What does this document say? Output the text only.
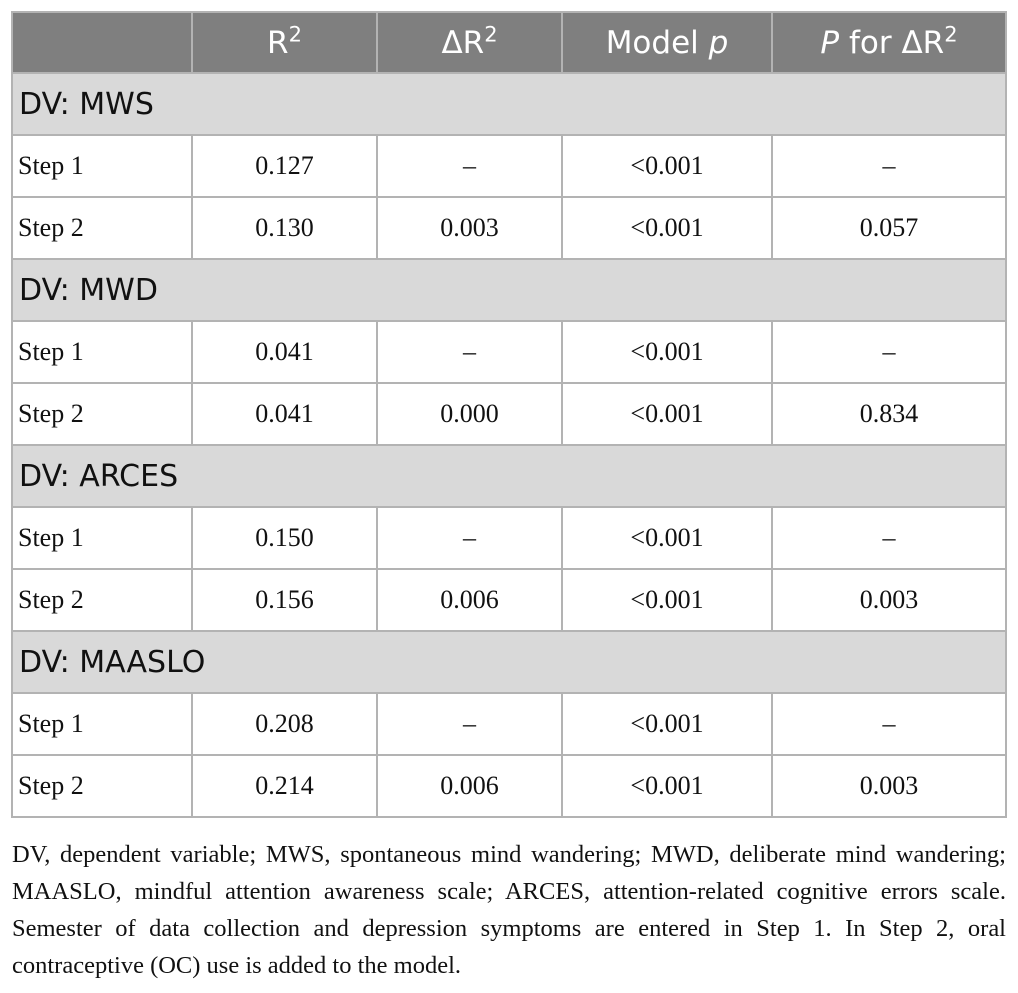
	$R^2$	$\Delta R^2$	Model p	P for $\Delta R^2$
DV: MWS				
Step 1	0.127	–	<0.001	–
Step 2	0.130	0.003	<0.001	0.057
DV: MWD				
Step 1	0.041	–	<0.001	–
Step 2	0.041	0.000	<0.001	0.834
DV: ARCES				
Step 1	0.150	–	<0.001	–
Step 2	0.156	0.006	<0.001	0.003
DV: MAASLO				
Step 1	0.208	–	<0.001	–
Step 2	0.214	0.006	<0.001	0.003

DV, dependent variable; MWS, spontaneous mind wandering; MWD, deliberate mind wandering; MAASLO, mindful attention awareness scale; ARCES, attention-related cognitive errors scale. Semester of data collection and depression symptoms are entered in Step 1. In Step 2, oral contraceptive (OC) use is added to the model.
